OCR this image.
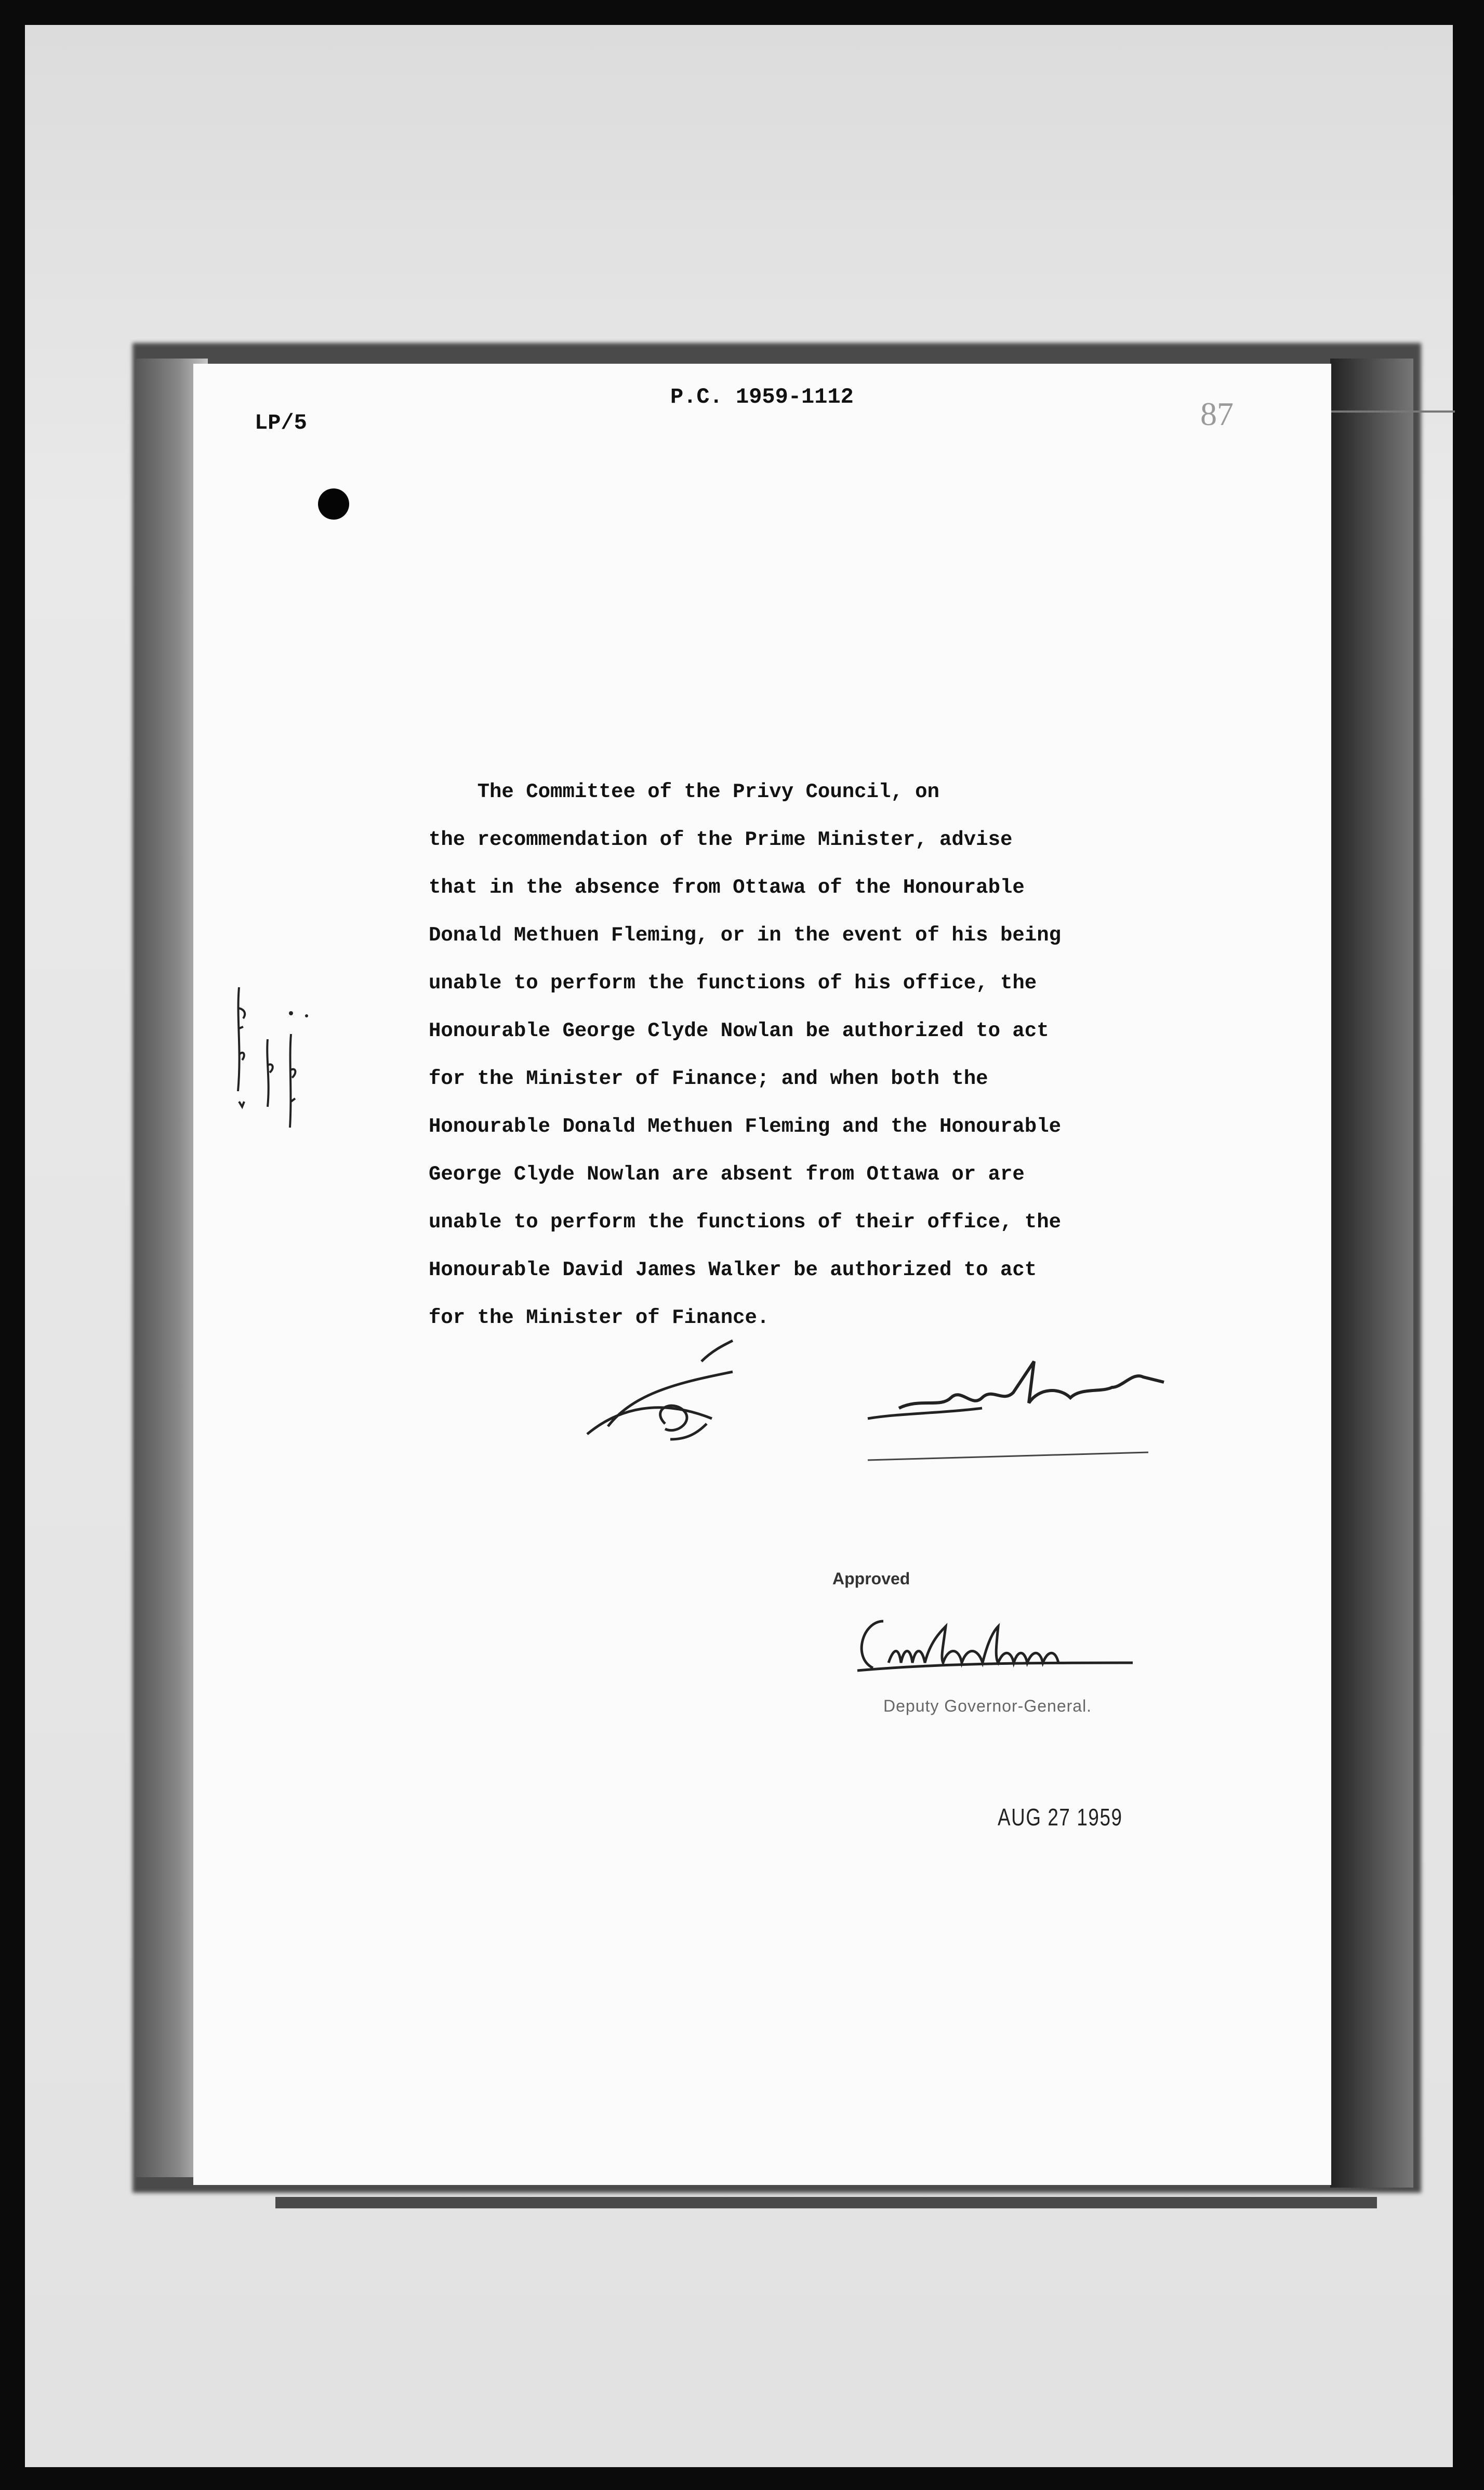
LP/5
P.C. 1959-1112	87
The Committee of the Privy Council, on
the recommendation of the Prime Minister, advise
that in the absence from Ottawa of the Honourable
Donald Methuen Fleming, or in the event of his being
unable to perform the functions of his office, the
Honourable George Clyde Nowlan be authorized to act
for the Minister of Finance; and when both the
Honourable Donald Methuen Fleming and the Honourable
George Clyde Nowlan are absent from Ottawa or are
unable to perform the functions of their office, the
Honourable David James Walker be authorized to act
for the Minister of Finance.
Approved
Deputy Governor-General.
AUG 27 1959
